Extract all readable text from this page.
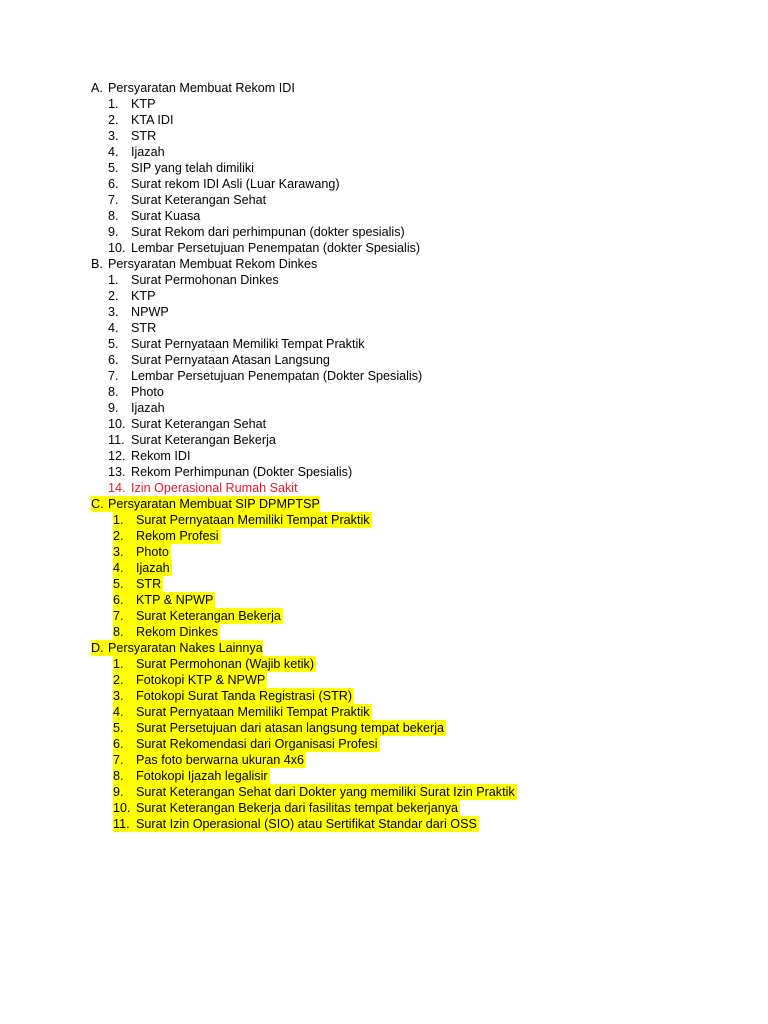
A. Persyaratan Membuat Rekom IDI
1. KTP
2. KTA IDI
3. STR
4. Ijazah
5. SIP yang telah dimiliki
6. Surat rekom IDI Asli (Luar Karawang)
7. Surat Keterangan Sehat
8. Surat Kuasa
9. Surat Rekom dari perhimpunan (dokter spesialis)
10. Lembar Persetujuan Penempatan (dokter Spesialis)
B. Persyaratan Membuat Rekom Dinkes
1. Surat Permohonan Dinkes
2. KTP
3. NPWP
4. STR
5. Surat Pernyataan Memiliki Tempat Praktik
6. Surat Pernyataan Atasan Langsung
7. Lembar Persetujuan Penempatan (Dokter Spesialis)
8. Photo
9. Ijazah
10. Surat Keterangan Sehat
11. Surat Keterangan Bekerja
12. Rekom IDI
13. Rekom Perhimpunan (Dokter Spesialis)
14. Izin Operasional Rumah Sakit
C. Persyaratan Membuat SIP DPMPTSP
1. Surat Pernyataan Memiliki Tempat Praktik
2. Rekom Profesi
3. Photo
4. Ijazah
5. STR
6. KTP & NPWP
7. Surat Keterangan Bekerja
8. Rekom Dinkes
D. Persyaratan Nakes Lainnya
1. Surat Permohonan (Wajib ketik)
2. Fotokopi KTP & NPWP
3. Fotokopi Surat Tanda Registrasi (STR)
4. Surat Pernyataan Memiliki Tempat Praktik
5. Surat Persetujuan dari atasan langsung tempat bekerja
6. Surat Rekomendasi dari Organisasi Profesi
7. Pas foto berwarna ukuran 4x6
8. Fotokopi Ijazah legalisir
9. Surat Keterangan Sehat dari Dokter yang memiliki Surat Izin Praktik
10. Surat Keterangan Bekerja dari fasilitas tempat bekerjanya
11. Surat Izin Operasional (SIO) atau Sertifikat Standar dari OSS
